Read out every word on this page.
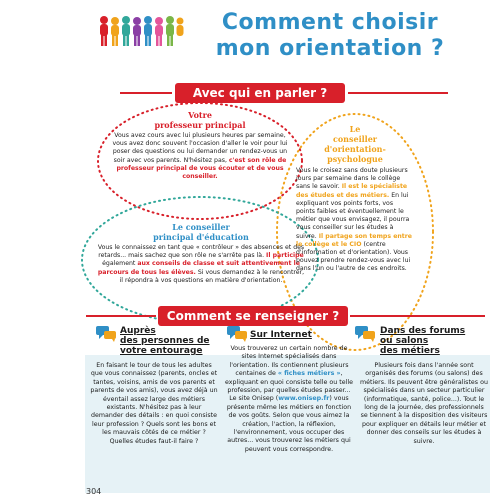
Comment choisir
mon orientation ?
Avec qui en parler ?
Votre
professeur principal
Vous avez cours avec lui plusieurs heures par semaine, vous avez donc souvent l'occasion d'aller le voir pour lui poser des questions ou lui demander un rendez-vous un soir avec vos parents. N'hésitez pas, c'est son rôle de professeur principal de vous écouter et de vous conseiller.
Le conseiller
principal d'éducation
Vous le connaissez en tant que « contrôleur » des absences et des retards... mais sachez que son rôle ne s'arrête pas là. Il participe également aux conseils de classe et suit attentivement le parcours de tous les élèves. Si vous demandez à le rencontrer, il répondra à vos questions en matière d'orientation.
Le
conseiller
d'orientation-
psychologue
Vous le croisez sans doute plusieurs jours par semaine dans le collège sans le savoir. Il est le spécialiste des études et des métiers. En lui expliquant vos points forts, vos points faibles et éventuellement le métier que vous envisagez, il pourra vous conseiller sur les études à suivre. Il partage son temps entre le collège et le CIO (centre d'information et d'orientation). Vous pouvez prendre rendez-vous avec lui dans l'un ou l'autre de ces endroits.
Comment se renseigner ?
Auprès
des personnes de
votre entourage
Sur Internet	Dans des forums
ou salons
des métiers
En faisant le tour de tous les adultes que vous connaissez (parents, oncles et tantes, voisins, amis de vos parents et parents de vos amis), vous avez déjà un éventail assez large des métiers existants. N'hésitez pas à leur demander des détails : en quoi consiste leur profession ? Quels sont les bons et les mauvais côtés de ce métier ? Quelles études faut-il faire ?
Vous trouverez un certain nombre de sites Internet spécialisés dans l'orientation. Ils contiennent plusieurs centaines de « fiches métiers », expliquant en quoi consiste telle ou telle profession, par quelles études passer... Le site Onisep (www.onisep.fr) vous présente même les métiers en fonction de vos goûts. Selon que vous aimez la création, l'action, la réflexion, l'environnement, vous occuper des autres... vous trouverez les métiers qui peuvent vous correspondre.
Plusieurs fois dans l'année sont organisés des forums (ou salons) des métiers. Ils peuvent être généralistes ou spécialisés dans un secteur particulier (informatique, santé, police...). Tout le long de la journée, des professionnels se tiennent à la disposition des visiteurs pour expliquer en détails leur métier et donner des conseils sur les études à suivre.
304
